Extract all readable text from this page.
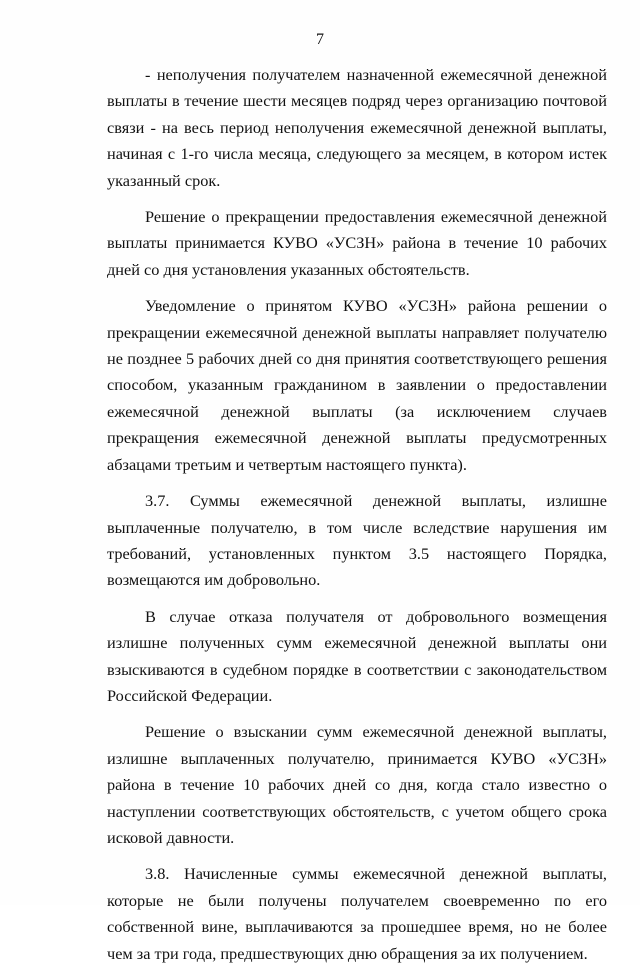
7

- неполучения получателем назначенной ежемесячной денежной выплаты в течение шести месяцев подряд через организацию почтовой связи - на весь период неполучения ежемесячной денежной выплаты, начиная с 1-го числа месяца, следующего за месяцем, в котором истек указанный срок.

Решение о прекращении предоставления ежемесячной денежной выплаты принимается КУВО «УСЗН» района в течение 10 рабочих дней со дня установления указанных обстоятельств.

Уведомление о принятом КУВО «УСЗН» района решении о прекращении ежемесячной денежной выплаты направляет получателю не позднее 5 рабочих дней со дня принятия соответствующего решения способом, указанным гражданином в заявлении о предоставлении ежемесячной денежной выплаты (за исключением случаев прекращения ежемесячной денежной выплаты предусмотренных абзацами третьим и четвертым настоящего пункта).

3.7. Суммы ежемесячной денежной выплаты, излишне выплаченные получателю, в том числе вследствие нарушения им требований, установленных пунктом 3.5 настоящего Порядка, возмещаются им добровольно.

В случае отказа получателя от добровольного возмещения излишне полученных сумм ежемесячной денежной выплаты они взыскиваются в судебном порядке в соответствии с законодательством Российской Федерации.

Решение о взыскании сумм ежемесячной денежной выплаты, излишне выплаченных получателю, принимается КУВО «УСЗН» района в течение 10 рабочих дней со дня, когда стало известно о наступлении соответствующих обстоятельств, с учетом общего срока исковой давности.

3.8. Начисленные суммы ежемесячной денежной выплаты, которые не были получены получателем своевременно по его собственной вине, выплачиваются за прошедшее время, но не более чем за три года, предшествующих дню обращения за их получением.
